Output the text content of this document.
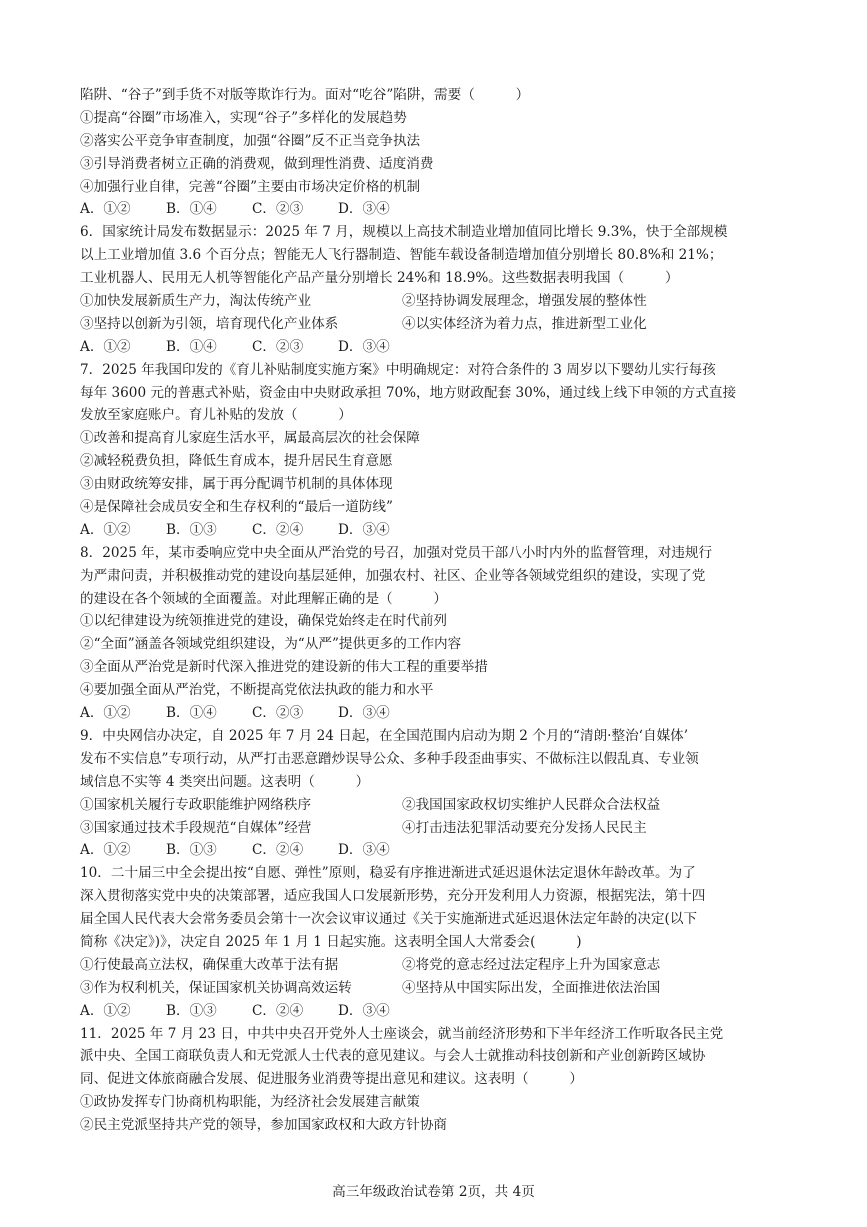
陷阱、“谷子”到手货不对版等欺诈行为。面对“吃谷”陷阱，需要（　　　）
①提高“谷圈”市场准入，实现“谷子”多样化的发展趋势
②落实公平竞争审查制度，加强“谷圈”反不正当竞争执法
③引导消费者树立正确的消费观，做到理性消费、适度消费
④加强行业自律，完善“谷圈”主要由市场决定价格的机制
A．①②	B．①④	C．②③	D．③④
6．国家统计局发布数据显示：2025 年 7 月，规模以上高技术制造业增加值同比增长 9.3%，快于全部规模
以上工业增加值 3.6 个百分点；智能无人飞行器制造、智能车载设备制造增加值分别增长 80.8%和 21%；
工业机器人、民用无人机等智能化产品产量分别增长 24%和 18.9%。这些数据表明我国（　　　）
①加快发展新质生产力，淘汰传统产业	②坚持协调发展理念，增强发展的整体性
③坚持以创新为引领，培育现代化产业体系	④以实体经济为着力点，推进新型工业化
A．①②	B．①④	C．②③	D．③④
7．2025 年我国印发的《育儿补贴制度实施方案》中明确规定：对符合条件的 3 周岁以下婴幼儿实行每孩
每年 3600 元的普惠式补贴，资金由中央财政承担 70%，地方财政配套 30%，通过线上线下申领的方式直接
发放至家庭账户。育儿补贴的发放（　　　）
①改善和提高育儿家庭生活水平，属最高层次的社会保障
②减轻税费负担，降低生育成本，提升居民生育意愿
③由财政统筹安排，属于再分配调节机制的具体体现
④是保障社会成员安全和生存权利的“最后一道防线”
A．①②	B．①③	C．②④	D．③④
8．2025 年，某市委响应党中央全面从严治党的号召，加强对党员干部八小时内外的监督管理，对违规行
为严肃问责，并积极推动党的建设向基层延伸，加强农村、社区、企业等各领域党组织的建设，实现了党
的建设在各个领域的全面覆盖。对此理解正确的是（　　　）
①以纪律建设为统领推进党的建设，确保党始终走在时代前列
②“全面”涵盖各领域党组织建设，为“从严”提供更多的工作内容
③全面从严治党是新时代深入推进党的建设新的伟大工程的重要举措
④要加强全面从严治党，不断提高党依法执政的能力和水平
A．①②	B．①④	C．②③	D．③④
9．中央网信办决定，自 2025 年 7 月 24 日起，在全国范围内启动为期 2 个月的“清朗·整治‘自媒体’
发布不实信息”专项行动，从严打击恶意蹭炒误导公众、多种手段歪曲事实、不做标注以假乱真、专业领
域信息不实等 4 类突出问题。这表明（　　　）
①国家机关履行专政职能维护网络秩序	②我国国家政权切实维护人民群众合法权益
③国家通过技术手段规范“自媒体”经营	④打击违法犯罪活动要充分发扬人民民主
A．①②	B．①③	C．②④	D．③④
10．二十届三中全会提出按“自愿、弹性”原则，稳妥有序推进渐进式延迟退休法定退休年龄改革。为了
深入贯彻落实党中央的决策部署，适应我国人口发展新形势，充分开发利用人力资源，根据宪法，第十四
届全国人民代表大会常务委员会第十一次会议审议通过《关于实施渐进式延迟退休法定年龄的决定(以下
简称《决定》)》，决定自 2025 年 1 月 1 日起实施。这表明全国人大常委会(　　　)
①行使最高立法权，确保重大改革于法有据	②将党的意志经过法定程序上升为国家意志
③作为权利机关，保证国家机关协调高效运转	④坚持从中国实际出发，全面推进依法治国
A．①②	B．①③	C．②④	D．③④
11．2025 年 7 月 23 日，中共中央召开党外人士座谈会，就当前经济形势和下半年经济工作听取各民主党
派中央、全国工商联负责人和无党派人士代表的意见建议。与会人士就推动科技创新和产业创新跨区域协
同、促进文体旅商融合发展、促进服务业消费等提出意见和建议。这表明（　　　）
①政协发挥专门协商机构职能，为经济社会发展建言献策
②民主党派坚持共产党的领导，参加国家政权和大政方针协商
高三年级政治试卷第 2页，共 4页
